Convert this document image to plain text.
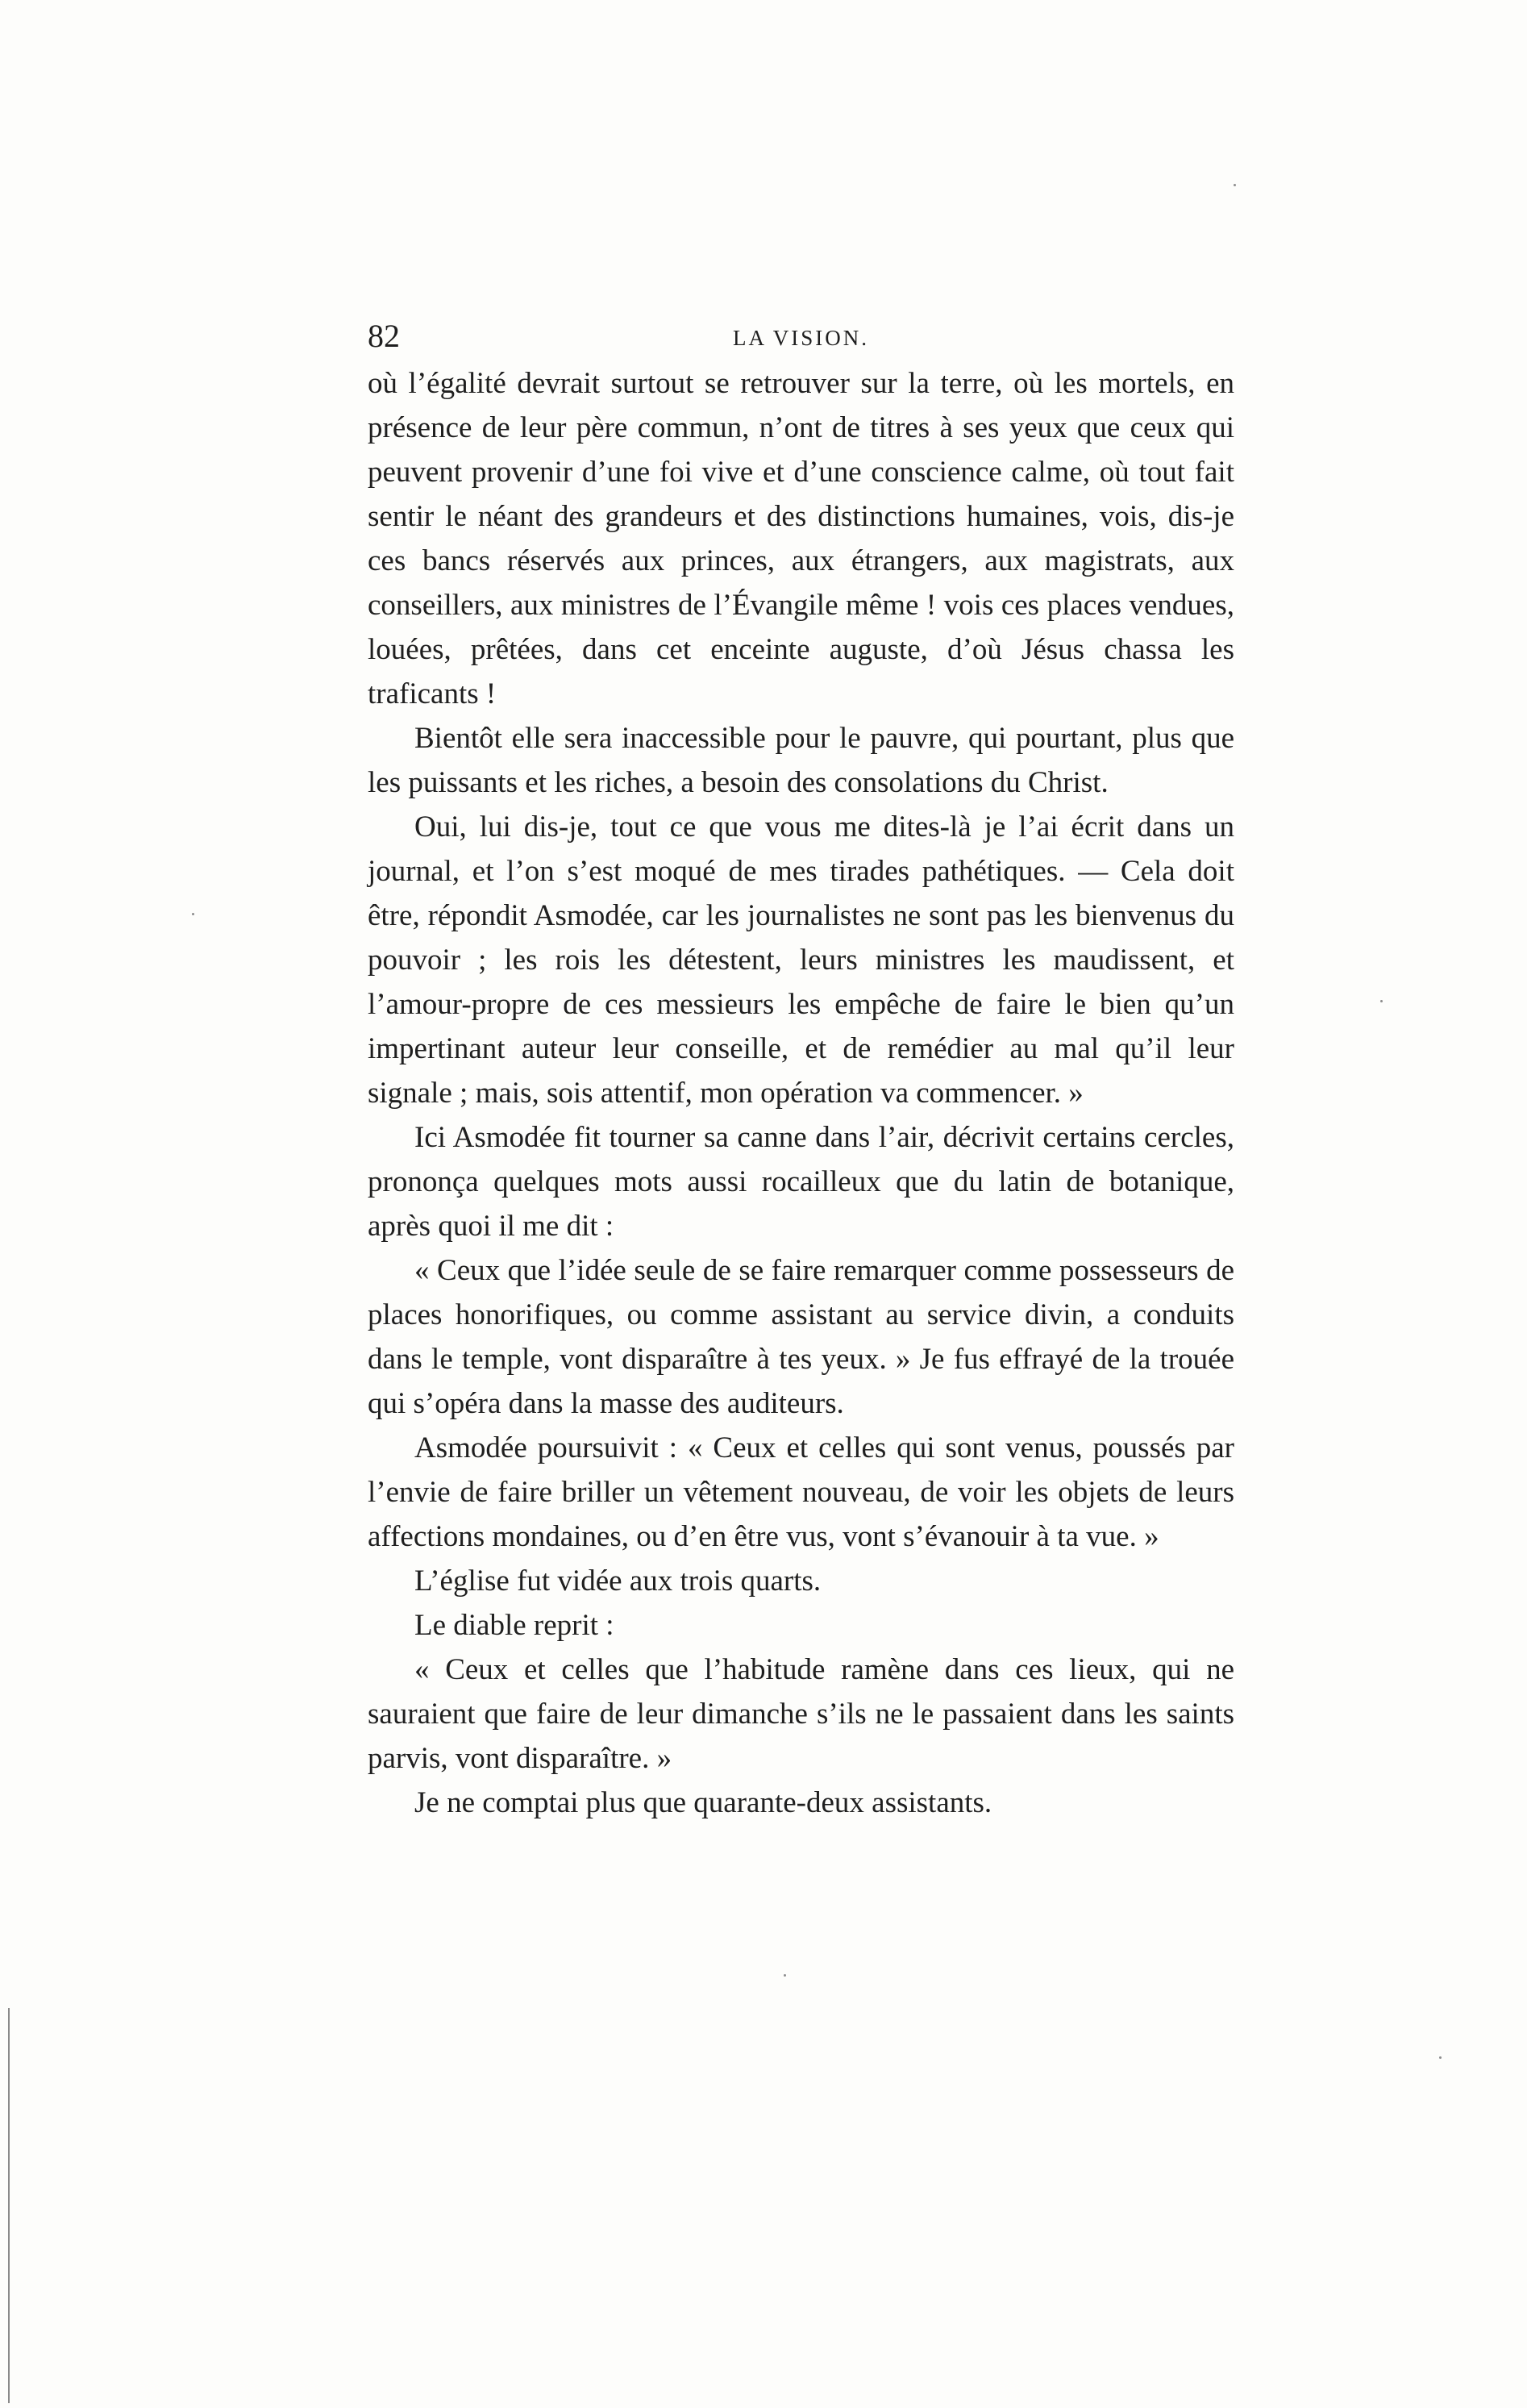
82	LA VISION.

où l’égalité devrait surtout se retrouver sur la terre, où les mortels, en présence de leur père commun, n’ont de titres à ses yeux que ceux qui peuvent provenir d’une foi vive et d’une conscience calme, où tout fait sentir le néant des grandeurs et des distinctions humaines, vois, dis-je ces bancs réservés aux princes, aux étrangers, aux magistrats, aux conseillers, aux ministres de l’Évangile même ! vois ces places vendues, louées, prêtées, dans cet enceinte auguste, d’où Jésus chassa les traficants !

Bientôt elle sera inaccessible pour le pauvre, qui pourtant, plus que les puissants et les riches, a besoin des consolations du Christ.

Oui, lui dis-je, tout ce que vous me dites-là je l’ai écrit dans un journal, et l’on s’est moqué de mes tirades pathétiques. — Cela doit être, répondit Asmodée, car les journalistes ne sont pas les bienvenus du pouvoir ; les rois les détestent, leurs ministres les maudissent, et l’amour-propre de ces messieurs les empêche de faire le bien qu’un impertinant auteur leur conseille, et de remédier au mal qu’il leur signale ; mais, sois attentif, mon opération va commencer. »

Ici Asmodée fit tourner sa canne dans l’air, décrivit certains cercles, prononça quelques mots aussi rocailleux que du latin de botanique, après quoi il me dit :

« Ceux que l’idée seule de se faire remarquer comme possesseurs de places honorifiques, ou comme assistant au service divin, a conduits dans le temple, vont disparaître à tes yeux. » Je fus effrayé de la trouée qui s’opéra dans la masse des auditeurs.

Asmodée poursuivit : « Ceux et celles qui sont venus, poussés par l’envie de faire briller un vêtement nouveau, de voir les objets de leurs affections mondaines, ou d’en être vus, vont s’évanouir à ta vue. »

L’église fut vidée aux trois quarts.

Le diable reprit :

« Ceux et celles que l’habitude ramène dans ces lieux, qui ne sauraient que faire de leur dimanche s’ils ne le passaient dans les saints parvis, vont disparaître. »

Je ne comptai plus que quarante-deux assistants.
